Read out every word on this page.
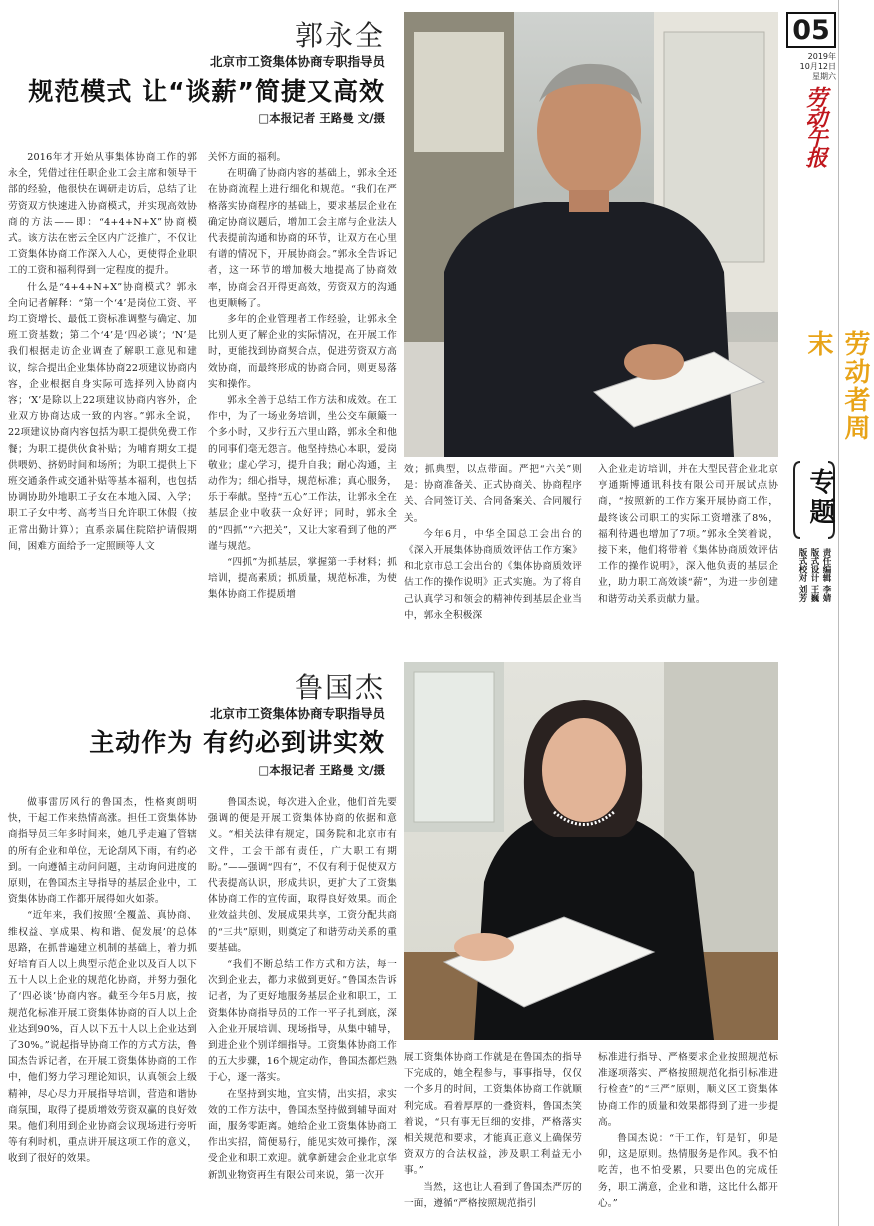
05
2019年
10月12日
星期六
劳动午报
劳动者周末
专题
责任编辑 李婧
版式设计 王巍
版式校对 刘芳
郭永全
北京市工资集体协商专职指导员
规范模式 让“谈薪”简捷又高效
□本报记者 王路曼 文/摄

2016年才开始从事集体协商工作的郭永全，凭借过往任职企业工会主席和领导干部的经验，他很快在调研走访后，总结了让劳资双方快速进入协商模式，并实现高效协商的方法——即：“4+4+N+X”协商模式。该方法在密云全区内广泛推广，不仅让工资集体协商工作深入人心，更使得企业职工的工资和福利得到一定程度的提升。

什么是“4+4+N+X”协商模式？郭永全向记者解释：“第一个‘4’是岗位工资、平均工资增长、最低工资标准调整与确定、加班工资基数；第二个‘4’是‘四必谈’；‘N’是我们根据走访企业调查了解职工意见和建议，综合提出企业集体协商22项建议协商内容，企业根据自身实际可选择列入协商内容；‘X’是除以上22项建议协商内容外，企业双方协商达成一致的内容。”郭永全说，22项建议协商内容包括为职工提供免费工作餐；为职工提供伙食补贴；为哺育期女工提供喂奶、挤奶时间和场所；为职工提供上下班交通条件或交通补贴等基本福利，也包括协调协助外地职工子女在本地入园、入学；职工子女中考、高考当日允许职工休假（按正常出勤计算）；直系亲属住院陪护请假期间，困难方面给予一定照顾等人文

关怀方面的福利。

在明确了协商内容的基础上，郭永全还在协商流程上进行细化和规范。“我们在严格落实协商程序的基础上，要求基层企业在确定协商议题后，增加工会主席与企业法人代表提前沟通和协商的环节，让双方在心里有谱的情况下，开展协商会。”郭永全告诉记者，这一环节的增加极大地提高了协商效率，协商会召开得更高效，劳资双方的沟通也更顺畅了。

多年的企业管理者工作经验，让郭永全比别人更了解企业的实际情况，在开展工作时，更能找到协商契合点，促进劳资双方高效协商，而最终形成的协商合同，则更易落实和操作。

郭永全善于总结工作方法和成效。在工作中，为了一场业务培训，坐公交车颠簸一个多小时，又步行五六里山路，郭永全和他的同事们毫无怨言。他坚持热心本职，爱岗敬业；虚心学习，提升自我；耐心沟通，主动作为；细心指导，规范标准；真心服务，乐于奉献。坚持“五心”工作法，让郭永全在基层企业中收获一众好评；同时，郭永全的“四抓”“六把关”，又让大家看到了他的严谨与规范。

“四抓”为抓基层，掌握第一手材料；抓培训，提高素质；抓质量，规范标准，为使集体协商工作提质增

效；抓典型，以点带面。严把“六关”则是：协商准备关、正式协商关、协商程序关、合同签订关、合同备案关、合同履行关。

今年6月，中华全国总工会出台的《深入开展集体协商质效评估工作方案》和北京市总工会出台的《集体协商质效评估工作的操作说明》正式实施。为了将自己认真学习和领会的精神传到基层企业当中，郭永全积极深

入企业走访培训，并在大型民营企业北京亨通斯博通讯科技有限公司开展试点协商，“按照新的工作方案开展协商工作，最终该公司职工的实际工资增涨了8%，福利待遇也增加了7项。”郭永全笑着说，接下来，他们将带着《集体协商质效评估工作的操作说明》，深入他负责的基层企业，助力职工高效谈“薪”，为进一步创建和谐劳动关系贡献力量。

鲁国杰
北京市工资集体协商专职指导员
主动作为 有约必到讲实效
□本报记者 王路曼 文/摄

做事雷厉风行的鲁国杰，性格爽朗明快，干起工作来热情高涨。担任工资集体协商指导员三年多时间来，她几乎走遍了管辖的所有企业和单位，无论刮风下雨，有约必到。一向遵循主动问问题，主动询问进度的原则，在鲁国杰主导指导的基层企业中，工资集体协商工作都开展得如火如荼。

“近年来，我们按照‘全覆盖、真协商、维权益、享成果、构和谐、促发展’的总体思路，在抓普遍建立机制的基础上，着力抓好培育百人以上典型示范企业以及百人以下五十人以上企业的规范化协商，并努力强化了‘四必谈’协商内容。截至今年5月底，按规范化标准开展工资集体协商的百人以上企业达到90%，百人以下五十人以上企业达到了30%。”说起指导协商工作的方式方法，鲁国杰告诉记者，在开展工资集体协商的工作中，他们努力学习理论知识，认真领会上级精神，尽心尽力开展指导培训，营造和谐协商氛围，取得了提质增效劳资双赢的良好效果。他们利用到企业协商会议现场进行旁听等有利时机，重点讲开展这项工作的意义，收到了很好的效果。

鲁国杰说，每次进入企业，他们首先要强调的便是开展工资集体协商的依据和意义。“相关法律有规定，国务院和北京市有文件，工会干部有责任，广大职工有期盼。”——强调“四有”，不仅有利于促使双方代表提高认识，形成共识，更扩大了工资集体协商工作的宣传面，取得良好效果。而企业效益共创、发展成果共享，工资分配共商的“三共”原则，则奠定了和谐劳动关系的重要基础。

“我们不断总结工作方式和方法，每一次到企业去，都力求做到更好。”鲁国杰告诉记者，为了更好地服务基层企业和职工，工资集体协商指导员的工作一平子扎到底，深入企业开展培训、现场指导，从集中辅导，到进企业个别详细指导。工资集体协商工作的五大步骤，16个规定动作，鲁国杰都烂熟于心，逐一落实。

在坚持到实地，宜实情，出实招，求实效的工作方法中，鲁国杰坚持做到辅导面对面，服务零距离。她给企业工资集体协商工作出实招，简便易行，能见实效可操作，深受企业和职工欢迎。就拿新建会企业北京华新凯业物资再生有限公司来说，第一次开

展工资集体协商工作就是在鲁国杰的指导下完成的，她全程参与，事事指导，仅仅一个多月的时间，工资集体协商工作就顺利完成。看着厚厚的一叠资料，鲁国杰笑着说，“只有事无巨细的安排，严格落实相关规范和要求，才能真正意义上确保劳资双方的合法权益，涉及职工利益无小事。”

当然，这也让人看到了鲁国杰严厉的一面，遵循“严格按照规范指引

标准进行指导、严格要求企业按照规范标准逐项落实、严格按照规范化指引标准进行检查”的“三严”原则，顺义区工资集体协商工作的质量和效果都得到了进一步提高。

鲁国杰说：“干工作，钉是钉，卯是卯，这是原则。热情服务是作风。我不怕吃苦，也不怕受累，只要出色的完成任务，职工满意，企业和谐，这比什么都开心。”
